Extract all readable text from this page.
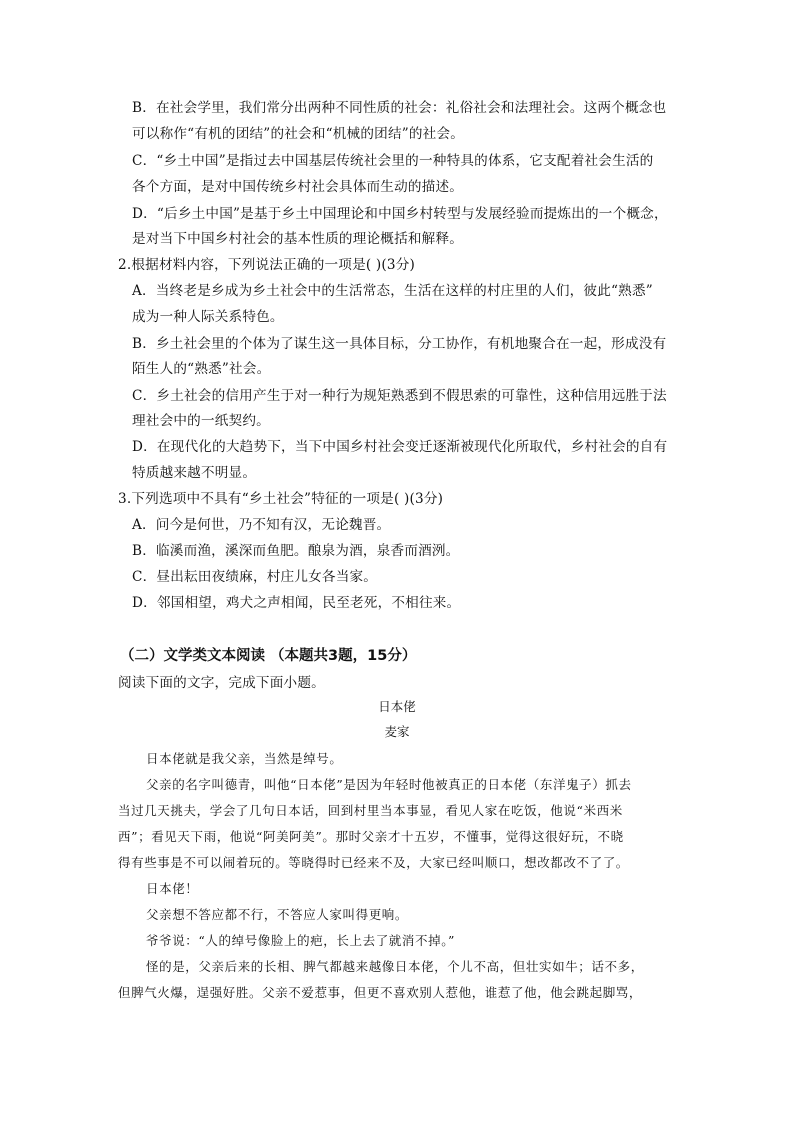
B．在社会学里，我们常分出两种不同性质的社会：礼俗社会和法理社会。这两个概念也
可以称作“有机的团结”的社会和“机械的团结”的社会。
C．“乡土中国”是指过去中国基层传统社会里的一种特具的体系，它支配着社会生活的
各个方面，是对中国传统乡村社会具体而生动的描述。
D．“后乡土中国”是基于乡土中国理论和中国乡村转型与发展经验而提炼出的一个概念，
是对当下中国乡村社会的基本性质的理论概括和解释。
2.根据材料内容，下列说法正确的一项是( )(3分)
A．当终老是乡成为乡土社会中的生活常态，生活在这样的村庄里的人们，彼此“熟悉”
成为一种人际关系特色。
B．乡土社会里的个体为了谋生这一具体目标，分工协作，有机地聚合在一起，形成没有
陌生人的“熟悉”社会。
C．乡土社会的信用产生于对一种行为规矩熟悉到不假思索的可靠性，这种信用远胜于法
理社会中的一纸契约。
D．在现代化的大趋势下，当下中国乡村社会变迁逐渐被现代化所取代，乡村社会的自有
特质越来越不明显。
3.下列选项中不具有“乡土社会”特征的一项是( )(3分)
A．问今是何世，乃不知有汉，无论魏晋。
B．临溪而渔，溪深而鱼肥。酿泉为酒，泉香而酒洌。
C．昼出耘田夜绩麻，村庄儿女各当家。
D．邻国相望，鸡犬之声相闻，民至老死，不相往来。
（二）文学类文本阅读 （本题共3题，15分）
阅读下面的文字，完成下面小题。
日本佬
麦家
日本佬就是我父亲，当然是绰号。
父亲的名字叫德青，叫他“日本佬”是因为年轻时他被真正的日本佬（东洋鬼子）抓去
当过几天挑夫，学会了几句日本话，回到村里当本事显，看见人家在吃饭，他说“米西米
西”；看见天下雨，他说“阿美阿美”。那时父亲才十五岁，不懂事，觉得这很好玩，不晓
得有些事是不可以闹着玩的。等晓得时已经来不及，大家已经叫顺口，想改都改不了了。
日本佬！
父亲想不答应都不行，不答应人家叫得更响。
爷爷说：“人的绰号像脸上的疤，长上去了就消不掉。”
怪的是，父亲后来的长相、脾气都越来越像日本佬，个儿不高，但壮实如牛；话不多，
但脾气火爆，逞强好胜。父亲不爱惹事，但更不喜欢别人惹他，谁惹了他，他会跳起脚骂，
